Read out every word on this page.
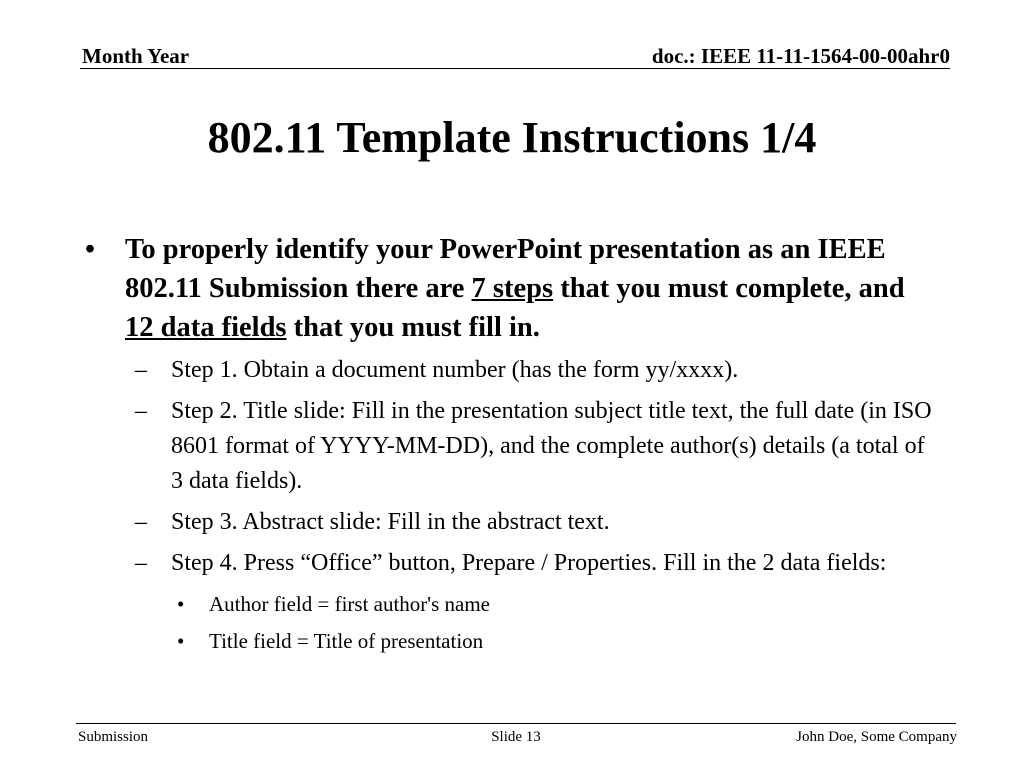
Month Year	doc.: IEEE 11-11-1564-00-00ahr0
802.11 Template Instructions 1/4
• To properly identify your PowerPoint presentation as an IEEE 802.11 Submission there are 7 steps that you must complete, and 12 data fields that you must fill in.
– Step 1. Obtain a document number (has the form yy/xxxx).
– Step 2. Title slide: Fill in the presentation subject title text, the full date (in ISO 8601 format of YYYY-MM-DD), and the complete author(s) details (a total of 3 data fields).
– Step 3. Abstract slide: Fill in the abstract text.
– Step 4. Press “Office” button, Prepare / Properties. Fill in the 2 data fields:
• Author field = first author's name
• Title field = Title of presentation
Submission	Slide 13	John Doe, Some Company
